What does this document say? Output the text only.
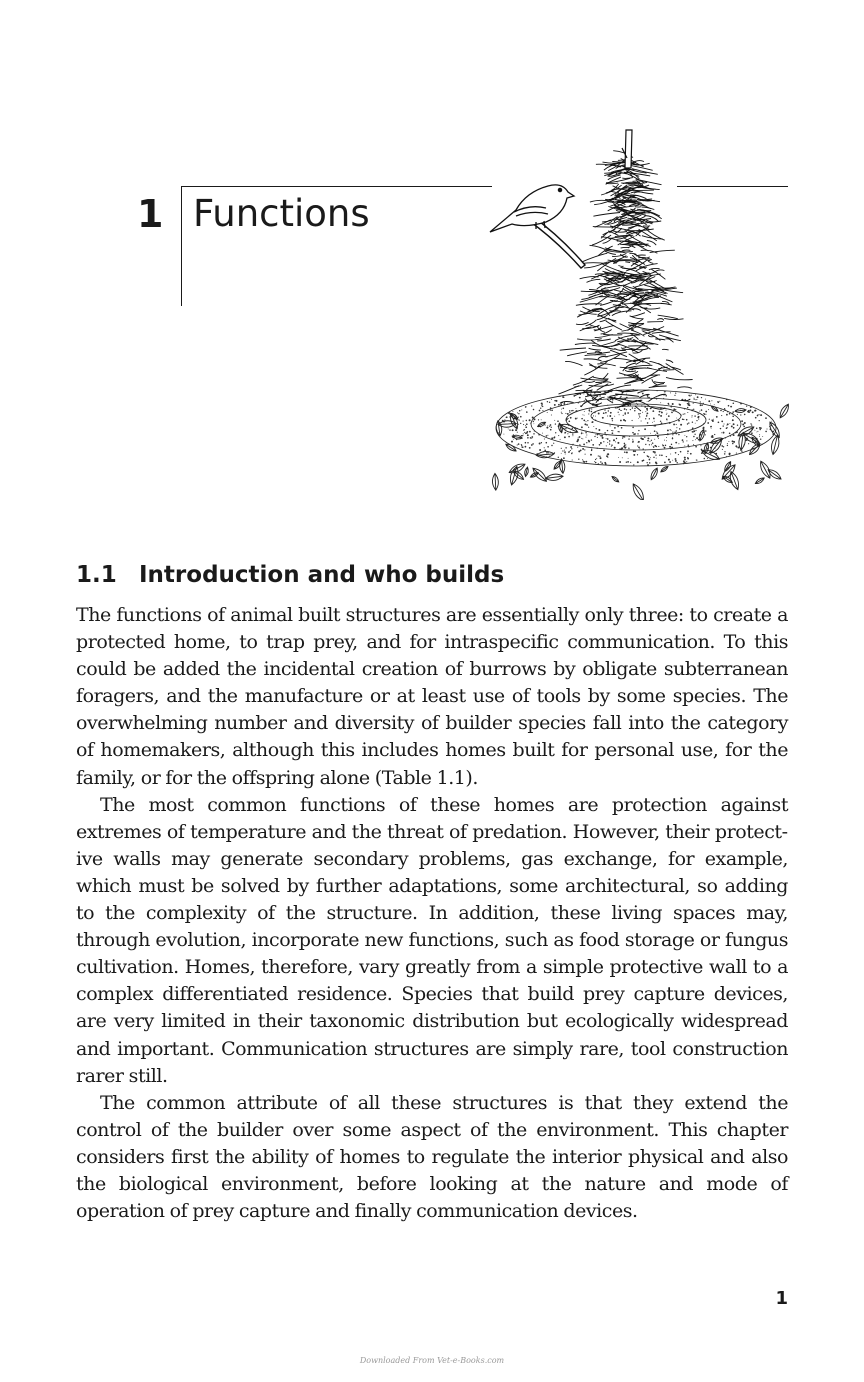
1 Functions
1.1 Introduction and who builds

The functions of animal built structures are essentially only three: to create a protected home, to trap prey, and for intraspecific communication. To this could be added the incidental creation of burrows by obligate subterranean foragers, and the manufacture or at least use of tools by some species. The overwhelming number and diversity of builder species fall into the category of homemakers, although this includes homes built for personal use, for the family, or for the offspring alone (Table 1.1).

The most common functions of these homes are protection against extremes of temperature and the threat of predation. However, their protective walls may generate secondary problems, gas exchange, for example, which must be solved by further adaptations, some architectural, so adding to the complexity of the structure. In addition, these living spaces may, through evolution, incorporate new functions, such as food storage or fungus cultivation. Homes, therefore, vary greatly from a simple protective wall to a complex differentiated residence. Species that build prey capture devices, are very limited in their taxonomic distribution but ecologically widespread and important. Communication structures are simply rare, tool construction rarer still.

The common attribute of all these structures is that they extend the control of the builder over some aspect of the environment. This chapter considers first the ability of homes to regulate the interior physical and also the biological environment, before looking at the nature and mode of operation of prey capture and finally communication devices.

1
Downloaded From Vet-e-Books.com
